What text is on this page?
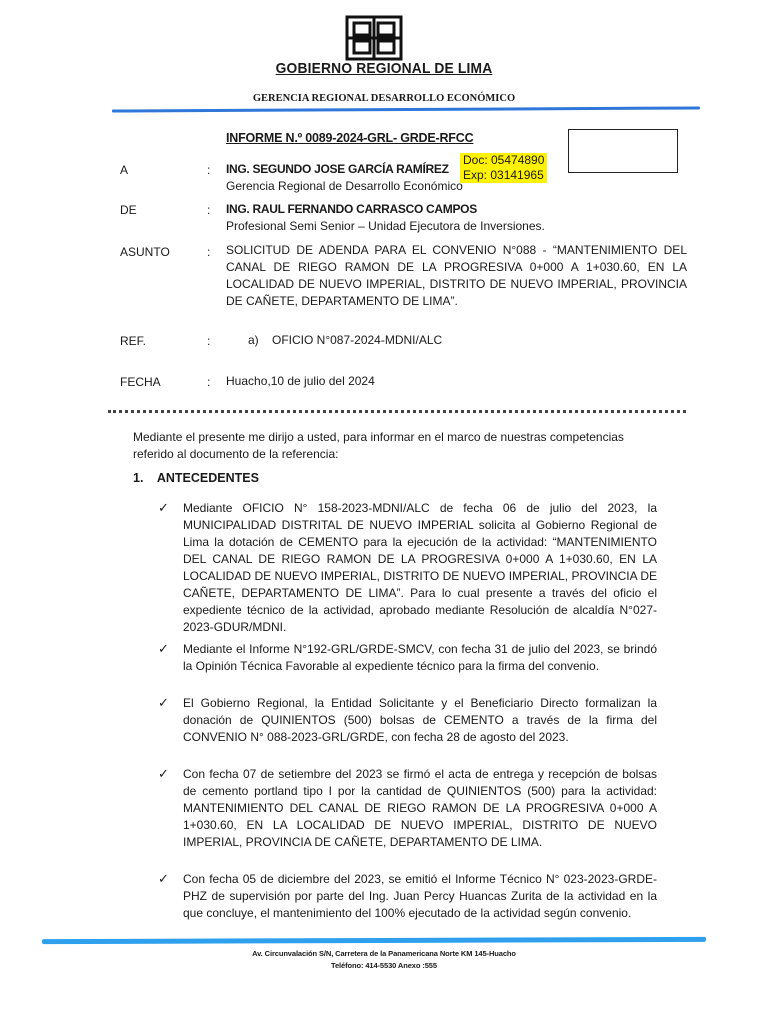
GOBIERNO REGIONAL DE LIMA
GERENCIA REGIONAL DESARROLLO ECONÓMICO
INFORME N.º 0089-2024-GRL- GRDE-RFCC
Doc: 05474890
Exp: 03141965
A	: ING. SEGUNDO JOSE GARCÍA RAMÍREZ
Gerencia Regional de Desarrollo Económico
DE	: ING. RAUL FERNANDO CARRASCO CAMPOS
Profesional Semi Senior – Unidad Ejecutora de Inversiones.
ASUNTO	: SOLICITUD DE ADENDA PARA EL CONVENIO N°088 - “MANTENIMIENTO DEL CANAL DE RIEGO RAMON DE LA PROGRESIVA 0+000 A 1+030.60, EN LA LOCALIDAD DE NUEVO IMPERIAL, DISTRITO DE NUEVO IMPERIAL, PROVINCIA DE CAÑETE, DEPARTAMENTO DE LIMA”.
REF.	:	a)    OFICIO N°087-2024-MDNI/ALC
FECHA	: Huacho,10 de julio del 2024
Mediante el presente me dirijo a usted, para informar en el marco de nuestras competencias referido al documento de la referencia:
1.    ANTECEDENTES
✓ Mediante OFICIO N° 158-2023-MDNI/ALC de fecha 06 de julio del 2023, la MUNICIPALIDAD DISTRITAL DE NUEVO IMPERIAL solicita al Gobierno Regional de Lima la dotación de CEMENTO para la ejecución de la actividad: “MANTENIMIENTO DEL CANAL DE RIEGO RAMON DE LA PROGRESIVA 0+000 A 1+030.60, EN LA LOCALIDAD DE NUEVO IMPERIAL, DISTRITO DE NUEVO IMPERIAL, PROVINCIA DE CAÑETE, DEPARTAMENTO DE LIMA”. Para lo cual presente a través del oficio el expediente técnico de la actividad, aprobado mediante Resolución de alcaldía N°027-2023-GDUR/MDNI.
✓ Mediante el Informe N°192-GRL/GRDE-SMCV, con fecha 31 de julio del 2023, se brindó la Opinión Técnica Favorable al expediente técnico para la firma del convenio.
✓ El Gobierno Regional, la Entidad Solicitante y el Beneficiario Directo formalizan la donación de QUINIENTOS (500) bolsas de CEMENTO a través de la firma del CONVENIO N° 088-2023-GRL/GRDE, con fecha 28 de agosto del 2023.
✓ Con fecha 07 de setiembre del 2023 se firmó el acta de entrega y recepción de bolsas de cemento portland tipo I por la cantidad de QUINIENTOS (500) para la actividad: MANTENIMIENTO DEL CANAL DE RIEGO RAMON DE LA PROGRESIVA 0+000 A 1+030.60, EN LA LOCALIDAD DE NUEVO IMPERIAL, DISTRITO DE NUEVO IMPERIAL, PROVINCIA DE CAÑETE, DEPARTAMENTO DE LIMA.
✓ Con fecha 05 de diciembre del 2023, se emitió el Informe Técnico N° 023-2023-GRDE-PHZ de supervisión por parte del Ing. Juan Percy Huancas Zurita de la actividad en la que concluye, el mantenimiento del 100% ejecutado de la actividad según convenio.
Av. Circunvalación S/N, Carretera de la Panamericana Norte KM 145-Huacho
Teléfono: 414-5530 Anexo :555
